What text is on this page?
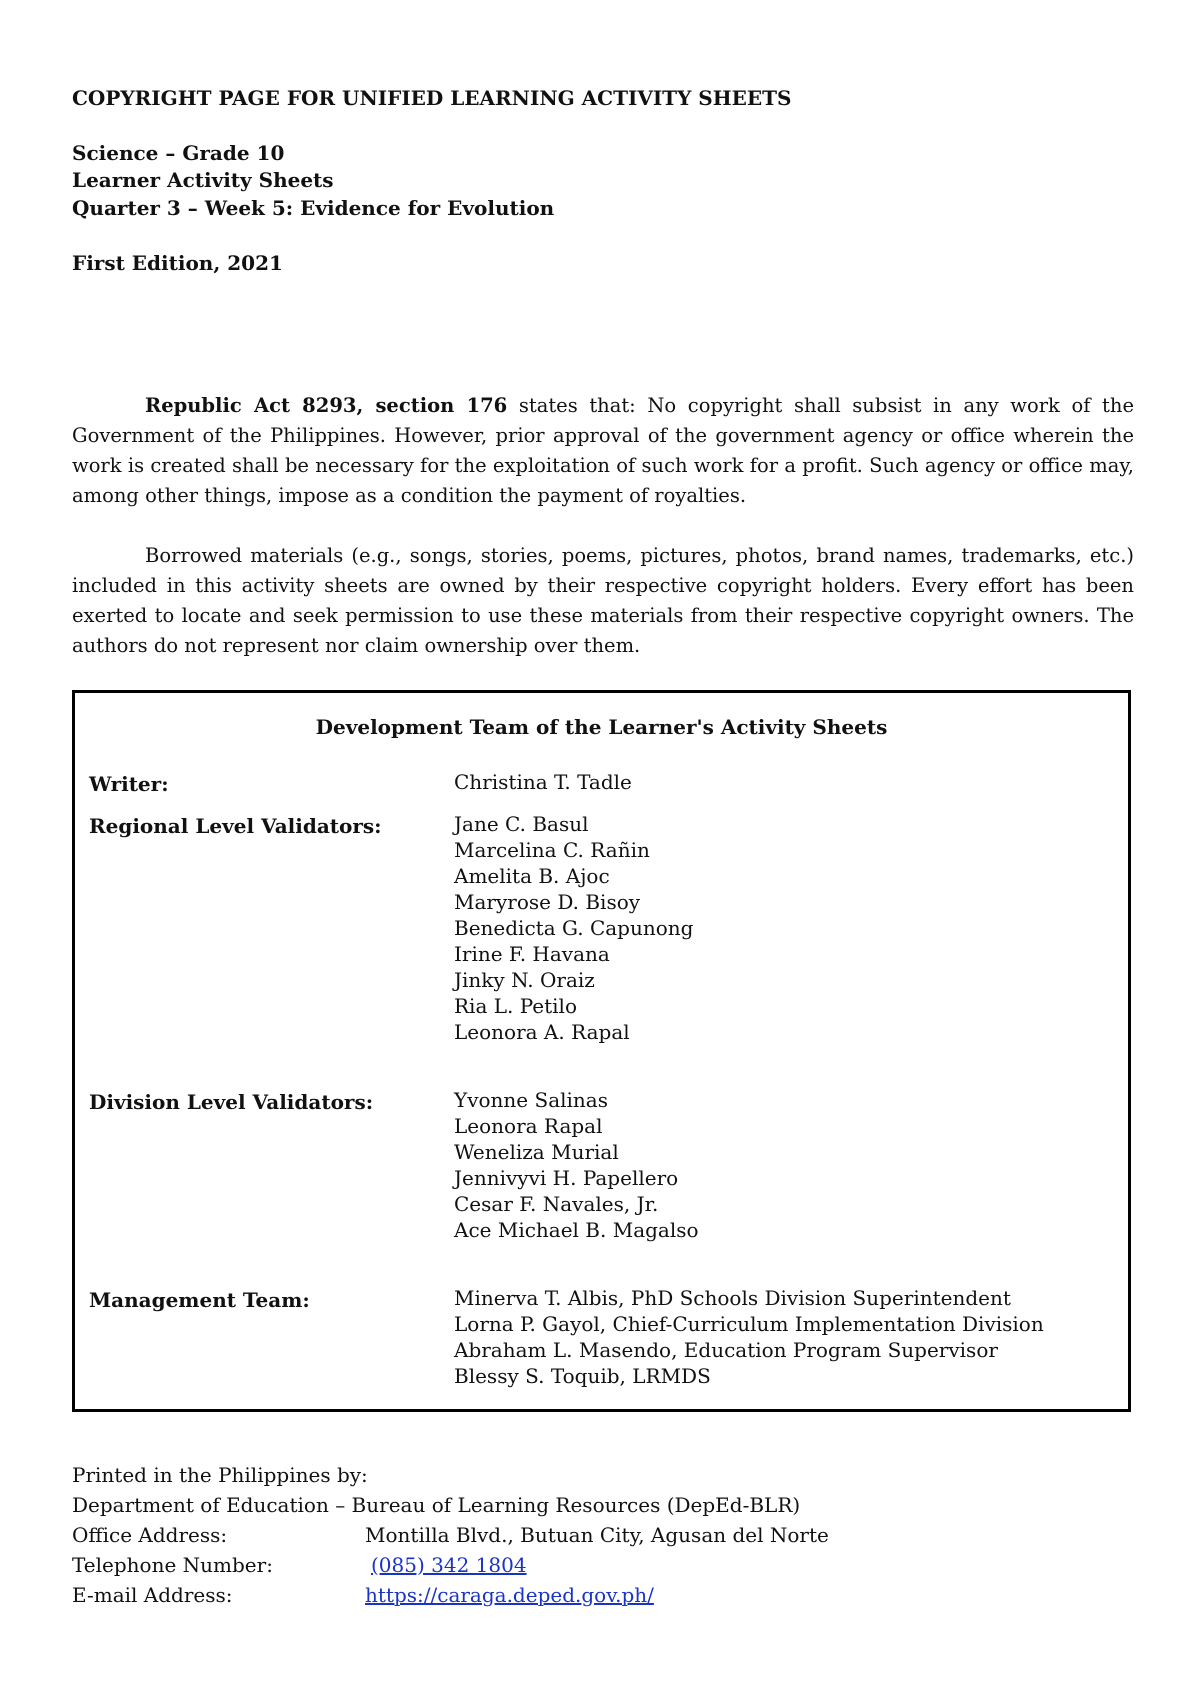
COPYRIGHT PAGE FOR UNIFIED LEARNING ACTIVITY SHEETS

Science – Grade 10

Learner Activity Sheets

Quarter 3 – Week 5: Evidence for Evolution

First Edition, 2021

Republic Act 8293, section 176 states that: No copyright shall subsist in any work of the Government of the Philippines. However, prior approval of the government agency or office wherein the work is created shall be necessary for the exploitation of such work for a profit. Such agency or office may, among other things, impose as a condition the payment of royalties.

Borrowed materials (e.g., songs, stories, poems, pictures, photos, brand names, trademarks, etc.) included in this activity sheets are owned by their respective copyright holders. Every effort has been exerted to locate and seek permission to use these materials from their respective copyright owners. The authors do not represent nor claim ownership over them.

Development Team of the Learner's Activity Sheets

Writer:	Christina T. Tadle
Regional Level Validators:	Jane C. Basul
Marcelina C. Rañin
Amelita B. Ajoc
Maryrose D. Bisoy
Benedicta G. Capunong
Irine F. Havana
Jinky N. Oraiz
Ria L. Petilo
Leonora A. Rapal
Division Level Validators:	Yvonne Salinas
Leonora Rapal
Weneliza Murial
Jennivyvi H. Papellero
Cesar F. Navales, Jr.
Ace Michael B. Magalso
Management Team:	Minerva T. Albis, PhD Schools Division Superintendent
Lorna P. Gayol, Chief-Curriculum Implementation Division
Abraham L. Masendo, Education Program Supervisor
Blessy S. Toquib, LRMDS
Printed in the Philippines by:
Department of Education – Bureau of Learning Resources (DepEd-BLR)
Office Address:	Montilla Blvd., Butuan City, Agusan del Norte
Telephone Number:	(085) 342 1804
E-mail Address:	https://caraga.deped.gov.ph/
